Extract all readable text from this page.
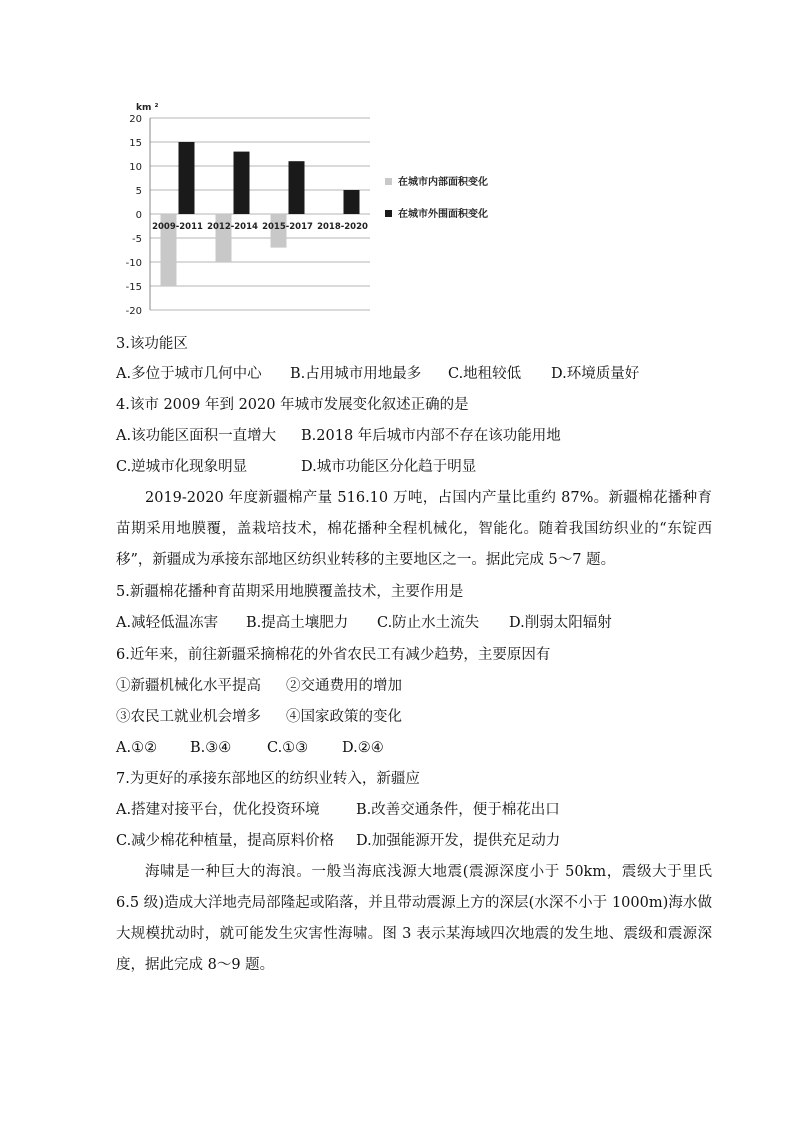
km ²
20
15
10
5
0
-5
-10
-15
-20
2009-2011 2012-2014 2015-2017 2018-2020
在城市内部面积变化
在城市外围面积变化

3.该功能区

A.多位于城市几何中心 B.占用城市用地最多 C.地租较低 D.环境质量好

4.该市 2009 年到 2020 年城市发展变化叙述正确的是

A.该功能区面积一直增大 B.2018 年后城市内部不存在该功能用地

C.逆城市化现象明显	D.城市功能区分化趋于明显

2019-2020 年度新疆棉产量 516.10 万吨，占国内产量比重约 87%。新疆棉花播种育苗期采用地膜覆，盖栽培技术，棉花播种全程机械化，智能化。随着我国纺织业的“东锭西移”，新疆成为承接东部地区纺织业转移的主要地区之一。据此完成 5～7 题。

5.新疆棉花播种育苗期采用地膜覆盖技术，主要作用是

A.减轻低温冻害 B.提高土壤肥力 C.防止水土流失 D.削弱太阳辐射

6.近年来，前往新疆采摘棉花的外省农民工有减少趋势，主要原因有

①新疆机械化水平提高 ②交通费用的增加

③农民工就业机会增多 ④国家政策的变化

A.①② B.③④ C.①③ D.②④

7.为更好的承接东部地区的纺织业转入，新疆应

A.搭建对接平台，优化投资环境	B.改善交通条件，便于棉花出口

C.减少棉花种植量，提高原料价格 D.加强能源开发，提供充足动力

海啸是一种巨大的海浪。一般当海底浅源大地震(震源深度小于 50km，震级大于里氏 6.5 级)造成大洋地壳局部隆起或陷落，并且带动震源上方的深层(水深不小于 1000m)海水做大规模扰动时，就可能发生灾害性海啸。图 3 表示某海域四次地震的发生地、震级和震源深度，据此完成 8～9 题。
